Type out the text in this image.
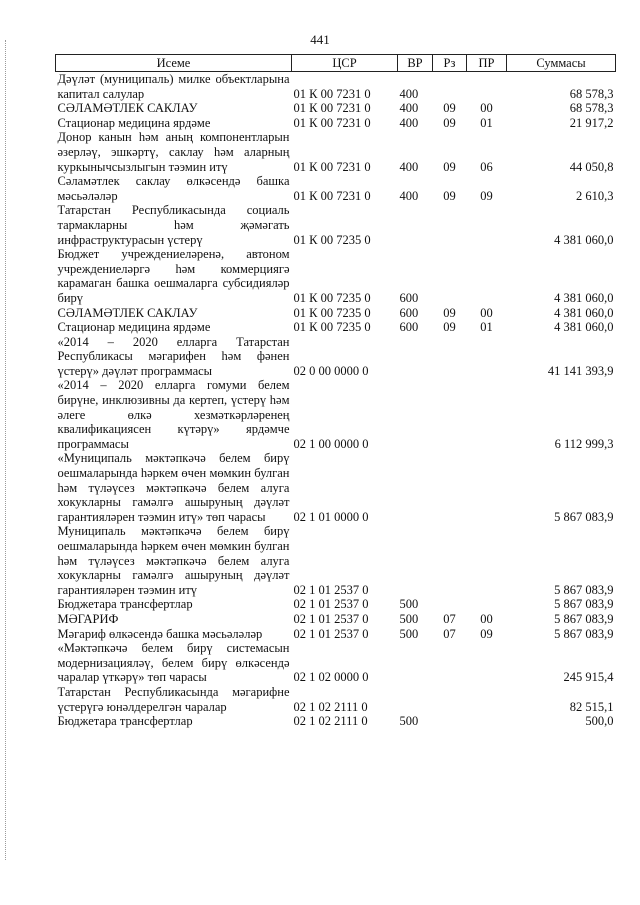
441
Исеме	ЦСР	ВР	Рз	ПР	Суммасы
Дәүләт (муниципаль) милке объектларына капитал салулар	01 К 00 7231 0	400			68 578,3
СӘЛАМӘТЛЕК САКЛАУ	01 К 00 7231 0	400	09	00	68 578,3
Стационар медицина ярдәме	01 К 00 7231 0	400	09	01	21 917,2
Донор канын һәм аның компонентларын әзерләү, эшкәртү, саклау һәм аларның куркынычсызлыгын тәэмин итү	01 К 00 7231 0	400	09	06	44 050,8
Сәламәтлек саклау өлкәсендә башка мәсьәләләр	01 К 00 7231 0	400	09	09	2 610,3
Татарстан Республикасында социаль тармакларны һәм җәмәгать инфраструктурасын үстерү	01 К 00 7235 0				4 381 060,0
Бюджет учреждениеләренә, автоном учреждениеләргә һәм коммерциягә карамаган башка оешмаларга субсидияләр бирү	01 К 00 7235 0	600			4 381 060,0
СӘЛАМӘТЛЕК САКЛАУ	01 К 00 7235 0	600	09	00	4 381 060,0
Стационар медицина ярдәме	01 К 00 7235 0	600	09	01	4 381 060,0
«2014 – 2020 елларга Татарстан Республикасы мәгарифен һәм фәнен үстерү» дәүләт программасы	02 0 00 0000 0				41 141 393,9
«2014 – 2020 елларга гомуми белем бирүне, инклюзивны да кертеп, үстерү һәм әлеге өлкә хезмәткәрләренең квалификациясен күтәрү» ярдәмче программасы	02 1 00 0000 0				6 112 999,3
«Муниципаль мәктәпкәчә белем бирү оешмаларында һәркем өчен мөмкин булган һәм түләүсез мәктәпкәчә белем алуга хокукларны гамәлгә ашыруның дәүләт гарантияләрен тәэмин итү» төп чарасы	02 1 01 0000 0				5 867 083,9
Муниципаль мәктәпкәчә белем бирү оешмаларында һәркем өчен мөмкин булган һәм түләүсез мәктәпкәчә белем алуга хокукларны гамәлгә ашыруның дәүләт гарантияләрен тәэмин итү	02 1 01 2537 0				5 867 083,9
Бюджетара трансфертлар	02 1 01 2537 0	500			5 867 083,9
МӘГАРИФ	02 1 01 2537 0	500	07	00	5 867 083,9
Мәгариф өлкәсендә башка мәсьәләләр	02 1 01 2537 0	500	07	09	5 867 083,9
«Мәктәпкәчә белем бирү системасын модернизацияләү, белем бирү өлкәсендә чаралар үткәрү» төп чарасы	02 1 02 0000 0				245 915,4
Татарстан Республикасында мәгарифне үстерүгә юнәлдерелгән чаралар	02 1 02 2111 0				82 515,1
Бюджетара трансфертлар	02 1 02 2111 0	500			500,0
